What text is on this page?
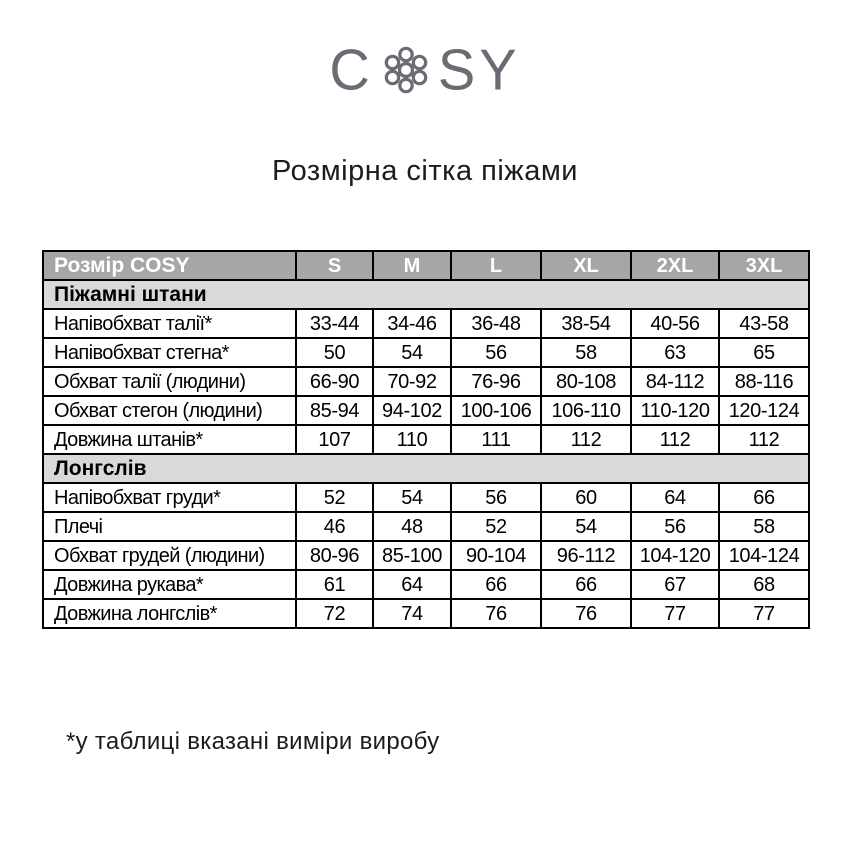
C SY
Розмірна сітка піжами
Розмір COSY	S	M	L	XL	2XL	3XL
Піжамні штани						
Напівобхват талії*	33-44	34-46	36-48	38-54	40-56	43-58
Напівобхват стегна*	50	54	56	58	63	65
Обхват талії (людини)	66-90	70-92	76-96	80-108	84-112	88-116
Обхват стегон (людини)	85-94	94-102	100-106	106-110	110-120	120-124
Довжина штанів*	107	110	111	112	112	112
Лонгслів						
Напівобхват груди*	52	54	56	60	64	66
Плечі	46	48	52	54	56	58
Обхват грудей (людини)	80-96	85-100	90-104	96-112	104-120	104-124
Довжина рукава*	61	64	66	66	67	68
Довжина лонгслів*	72	74	76	76	77	77
*у таблиці вказані виміри виробу
